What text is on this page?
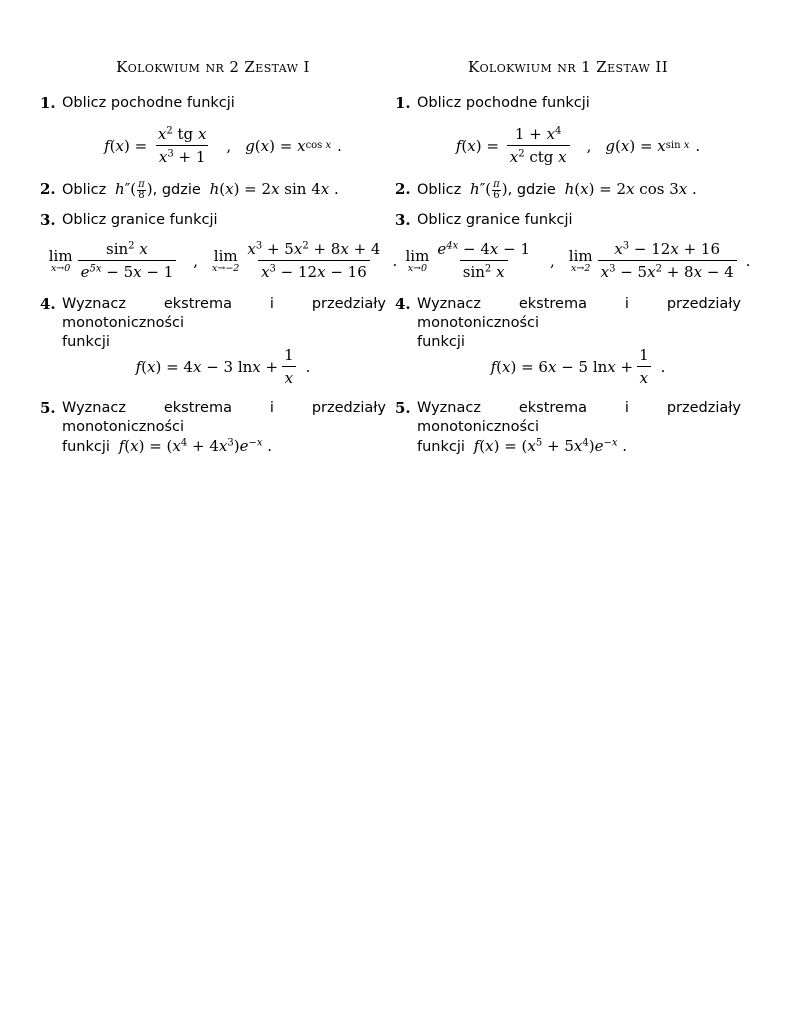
Kolokwium nr 2 Zestaw I
1. Oblicz pochodne funkcji
f ( x ) = $\frac{x^2 tg x}{x^3 + 1}$ , g ( x ) = x cos x .
2. Oblicz  $h''( \frac{\pi}{8}$ ), gdzie  h(x) = 2x sin 4x .
3. Oblicz granice funkcji
lim
$x\to 0 \frac{\sin^2 x}{e^{5x} - 5x - 1}$ , lim
$x\to-2 \frac{x^3 + 5x^2 + 8x + 4}{x^3 - 12x - 16}$ .
4. Wyznacz ekstrema i przedziały monotoniczności
funkcji
f ( x ) = 4 x − 3 $\ln x + \frac{1}{x}$ .
5. Wyznacz ekstrema i przedziały monotoniczności
funkcji  $f(x) = (x^4 + 4x^3)e^{-x}$ .
Kolokwium nr 1 Zestaw II
1. Oblicz pochodne funkcji
f ( x ) = $\frac{1 + x^4}{x^2 ctg x}$ , g ( x ) = x sin x .
2. Oblicz  $h''( \frac{\pi}{6}$ ), gdzie  h(x) = 2x cos 3x .
3. Oblicz granice funkcji
lim
$x\to 0 \frac{e^{4x} - 4x - 1}{\sin^2 x}$ , lim
$x\to 2 \frac{x^3 - 12x + 16}{x^3 - 5x^2 + 8x - 4}$ .
4. Wyznacz ekstrema i przedziały monotoniczności
funkcji
f ( x ) = 6 x − 5 $\ln x + \frac{1}{x}$ .
5. Wyznacz ekstrema i przedziały monotoniczności
funkcji  $f(x) = (x^5 + 5x^4)e^{-x}$ .
